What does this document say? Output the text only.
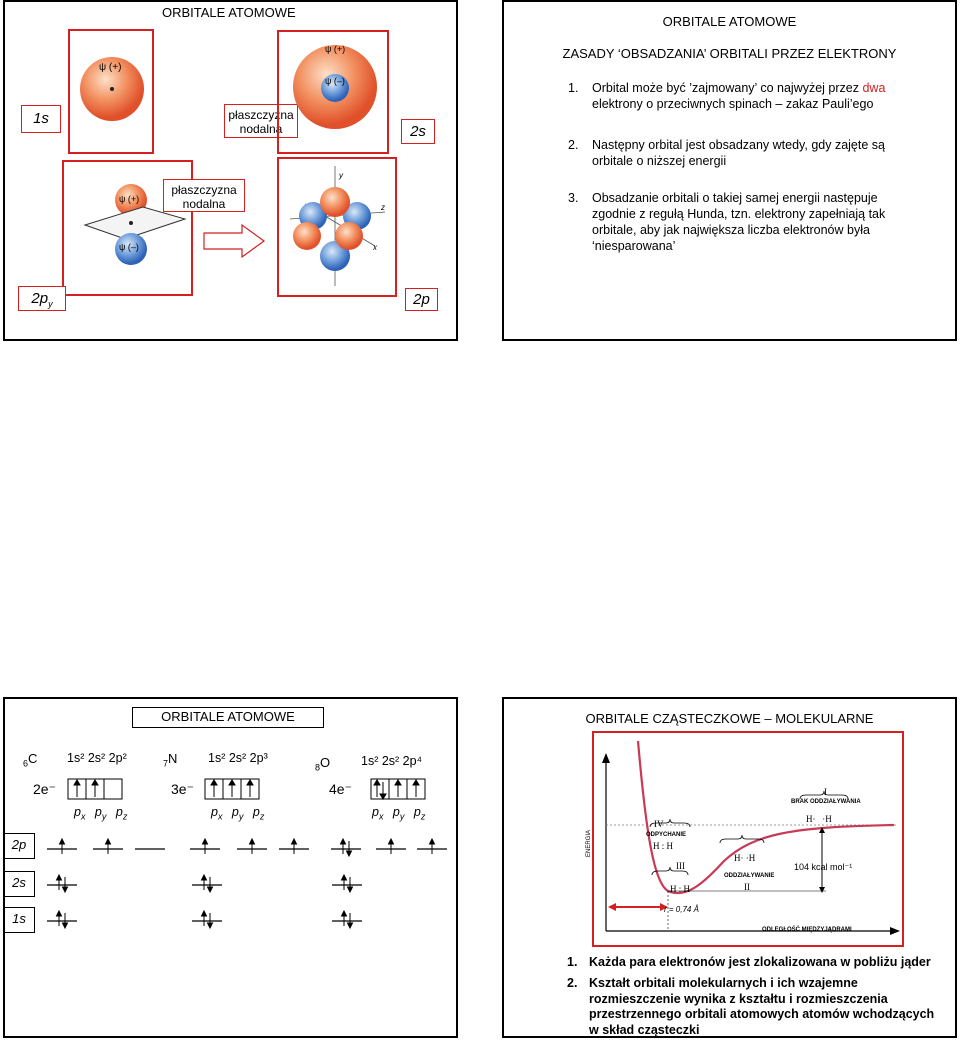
ORBITALE ATOMOWE
ψ (+)
1s	płaszczyzna nodalna
ψ (+)
ψ (–)
2s
ψ (+)
ψ (–)
płaszczyzna nodalna
y
z
x
$2p_y$	2p
ORBITALE ATOMOWE
ZASADY ‘OBSADZANIA’ ORBITALI PRZEZ ELEKTRONY
1. Orbital może być ’zajmowany’ co najwyżej przez dwa
elektrony o przeciwnych spinach – zakaz Pauli’ego
2. Następny orbital jest obsadzany wtedy, gdy zajęte są
orbitale o niższej energii
3. Obsadzanie orbitali o takiej samej energii następuje
zgodnie z regułą Hunda, tzn. elektrony zapełniają tak
orbitale, aby jak największa liczba elektronów była
‘niesparowana’
ORBITALE ATOMOWE
$_6$C 1s² 2s² 2p²	$_7$N 1s² 2s² 2p³
$_8$O 1s² 2s² 2p⁴
2e⁻	3e⁻	4e⁻
$p_x$ $p_y$ $p_z$	$p_x$ $p_y$ $p_z$	$p_x$ $p_y$ $p_z$
2p
2s
1s
ORBITALE CZĄSTECZKOWE – MOLEKULARNE
ENERGIA
ODLEGŁOŚĆ MIĘDZYJĄDRAMI
I
BRAK ODDZIAŁYWANIA
H·   ·H
IV
ODPYCHANIE
H : H
III
H : H
H· ·H
ODDZIAŁYWANIE
II
104 kcal mol⁻¹
r = 0,74 Å
1. Każda para elektronów jest zlokalizowana w pobliżu jąder
2. Kształt orbitali molekularnych i ich wzajemne
rozmieszczenie wynika z kształtu i rozmieszczenia
przestrzennego orbitali atomowych atomów wchodzących
w skład cząsteczki
